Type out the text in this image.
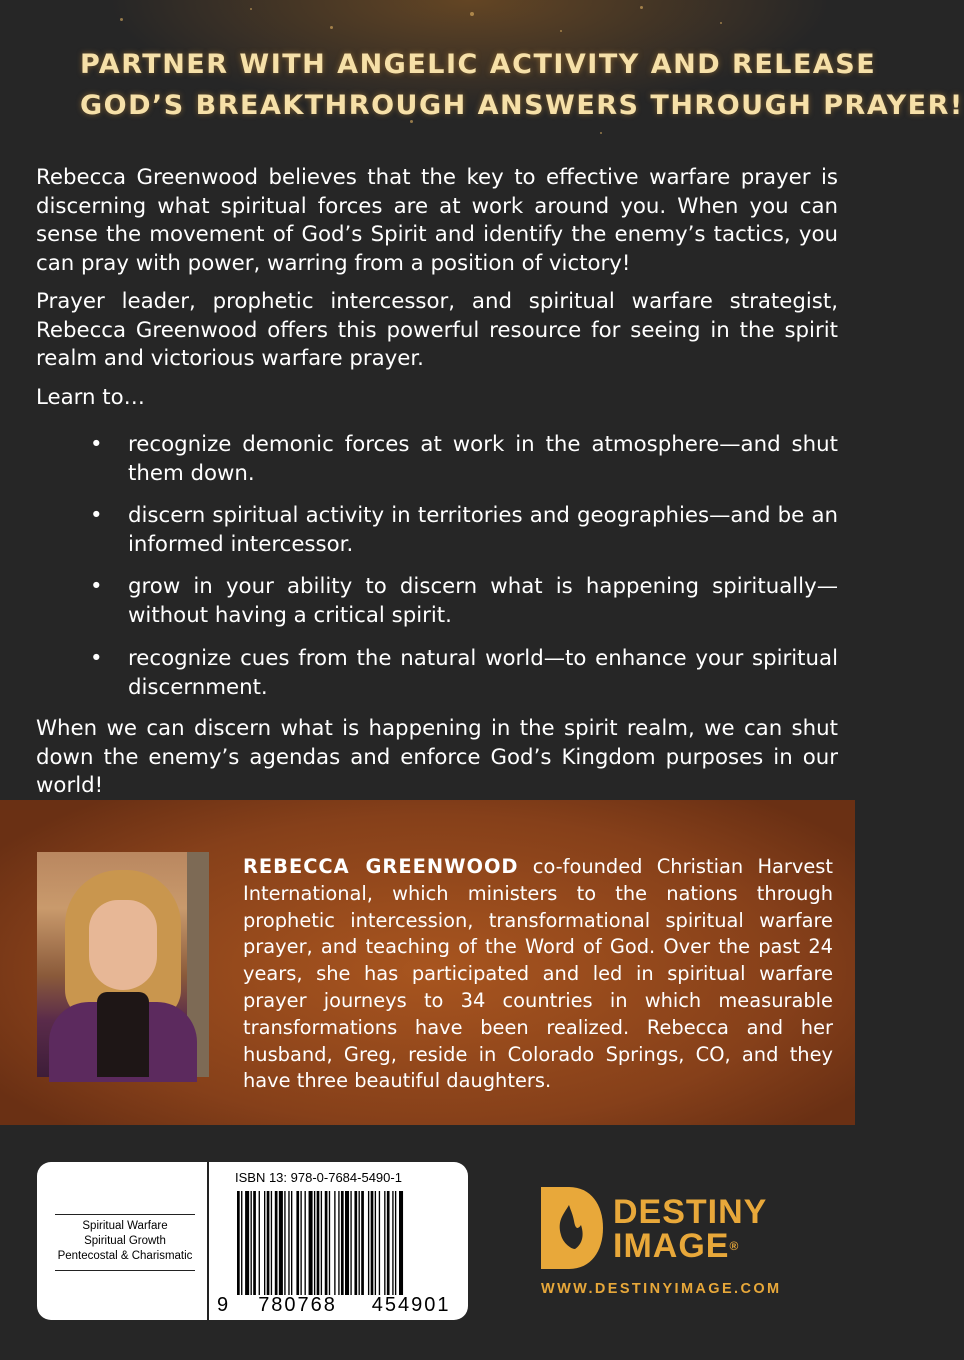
PARTNER WITH ANGELIC ACTIVITY AND RELEASE
GOD’S BREAKTHROUGH ANSWERS THROUGH PRAYER!
Rebecca Greenwood believes that the key to effective warfare prayer is discerning what spiritual forces are at work around you. When you can sense the movement of God’s Spirit and identify the enemy’s tactics, you can pray with power, warring from a position of victory!
Prayer leader, prophetic intercessor, and spiritual warfare strategist, Rebecca Greenwood offers this powerful resource for seeing in the spirit realm and victorious warfare prayer.
Learn to…
• recognize demonic forces at work in the atmosphere—and shut them down.
• discern spiritual activity in territories and geographies—and be an informed intercessor.
• grow in your ability to discern what is happening spiritually—without having a critical spirit.
• recognize cues from the natural world—to enhance your spiritual discernment.
When we can discern what is happening in the spirit realm, we can shut down the enemy’s agendas and enforce God’s Kingdom purposes in our world!
REBECCA GREENWOOD co-founded Christian Harvest International, which ministers to the nations through prophetic intercession, transformational spiritual warfare prayer, and teaching of the Word of God. Over the past 24 years, she has participated and led in spiritual warfare prayer journeys to 34 countries in which measurable transformations have been realized. Rebecca and her husband, Greg, reside in Colorado Springs, CO, and they have three beautiful daughters.
Spiritual Warfare
Spiritual Growth
Pentecostal & Charismatic
ISBN 13: 978-0-7684-5490-1
9 780768 454901
DESTINY
IMAGE®
WWW.DESTINYIMAGE.COM
